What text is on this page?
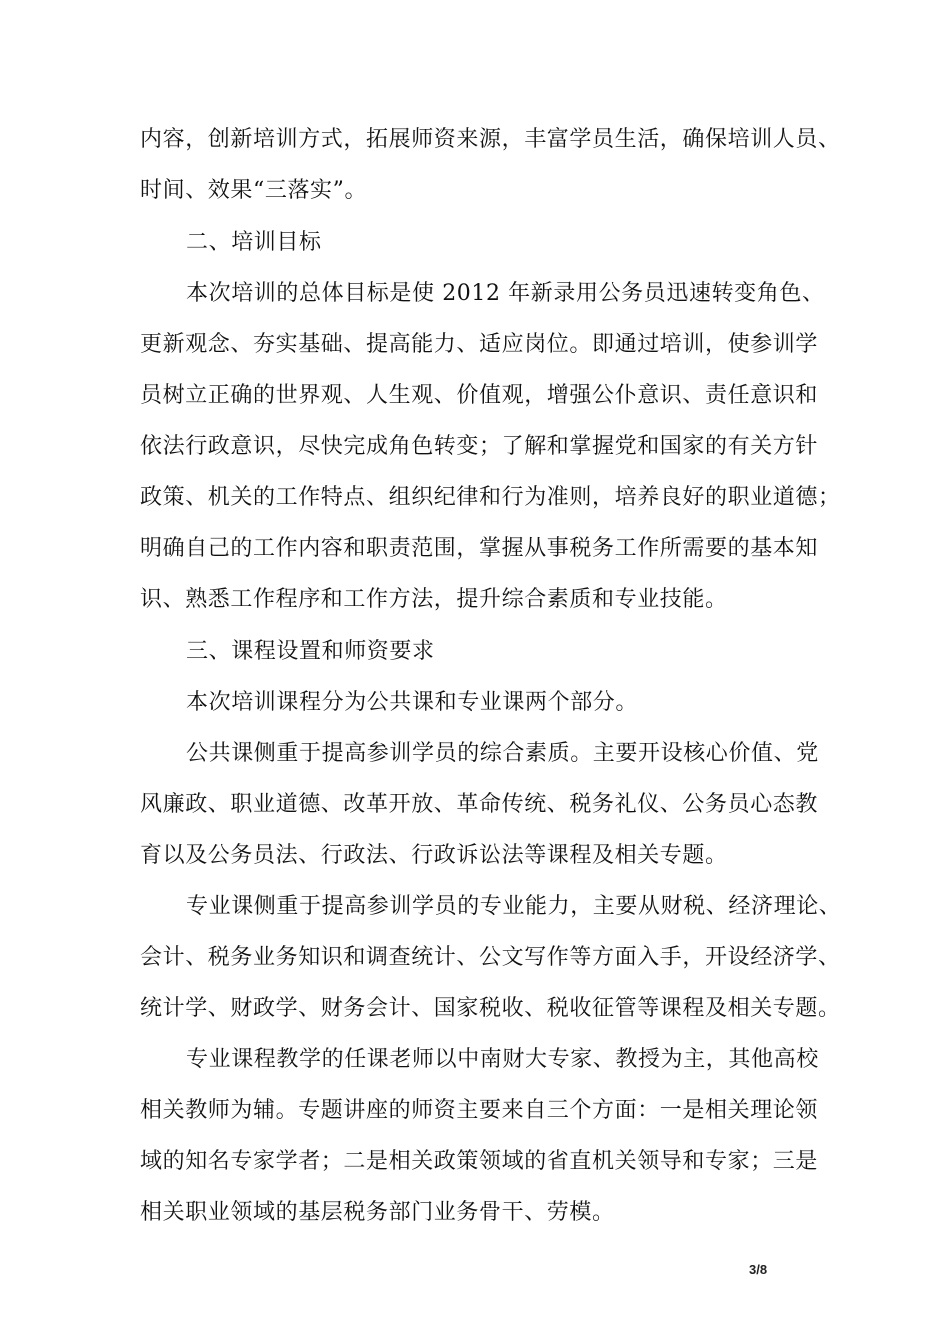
内容，创新培训方式，拓展师资来源，丰富学员生活，确保培训人员、
时间、效果“三落实”。
二、培训目标
本次培训的总体目标是使 2012 年新录用公务员迅速转变角色、
更新观念、夯实基础、提高能力、适应岗位。即通过培训，使参训学
员树立正确的世界观、人生观、价值观，增强公仆意识、责任意识和
依法行政意识，尽快完成角色转变；了解和掌握党和国家的有关方针
政策、机关的工作特点、组织纪律和行为准则，培养良好的职业道德；
明确自己的工作内容和职责范围，掌握从事税务工作所需要的基本知
识、熟悉工作程序和工作方法，提升综合素质和专业技能。
三、课程设置和师资要求
本次培训课程分为公共课和专业课两个部分。
公共课侧重于提高参训学员的综合素质。主要开设核心价值、党
风廉政、职业道德、改革开放、革命传统、税务礼仪、公务员心态教
育以及公务员法、行政法、行政诉讼法等课程及相关专题。
专业课侧重于提高参训学员的专业能力，主要从财税、经济理论、
会计、税务业务知识和调查统计、公文写作等方面入手，开设经济学、
统计学、财政学、财务会计、国家税收、税收征管等课程及相关专题。
专业课程教学的任课老师以中南财大专家、教授为主，其他高校
相关教师为辅。专题讲座的师资主要来自三个方面：一是相关理论领
域的知名专家学者；二是相关政策领域的省直机关领导和专家；三是
相关职业领域的基层税务部门业务骨干、劳模。
3/8
